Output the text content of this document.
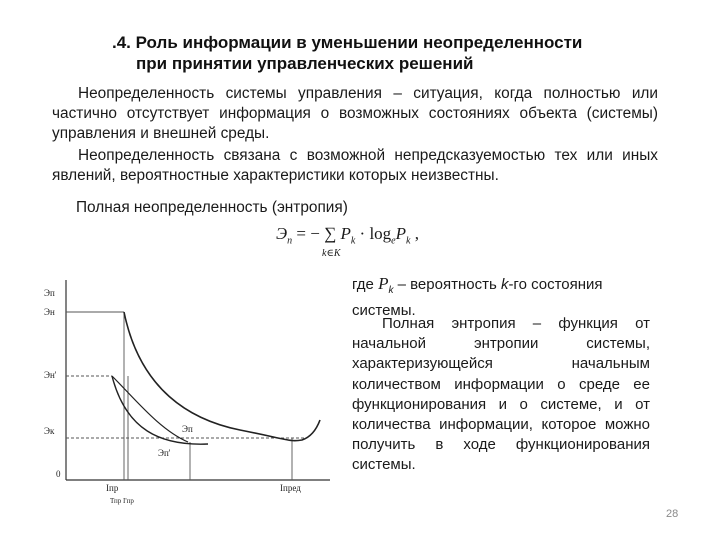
.4. Роль информации в уменьшении неопределенности
при принятии управленческих решений

Неопределенность системы управления – ситуация, когда полностью или частично отсутствует информация о возможных состояниях объекта (системы) управления и внешней среды.

Неопределенность связана с возможной непредсказуемостью тех или иных явлений, вероятностные характеристики которых неизвестны.

Полная неопределенность (энтропия)
$Э_п$ = − ∑ $P_k \cdot \log_eP_k$ ,
k∈K
где $P_k$ – вероятность k-го состояния системы.

Полная энтропия – функция от начальной энтропии системы, характеризующейся начальным количеством информации о среде ее функционирования и о системе, и от количества информации, которое можно получить в ходе функционирования системы.

Эп
Эн
Эн'
Эк
0
Эп
Эп'
Iпр
Тпр I'пр
Iпред
28
